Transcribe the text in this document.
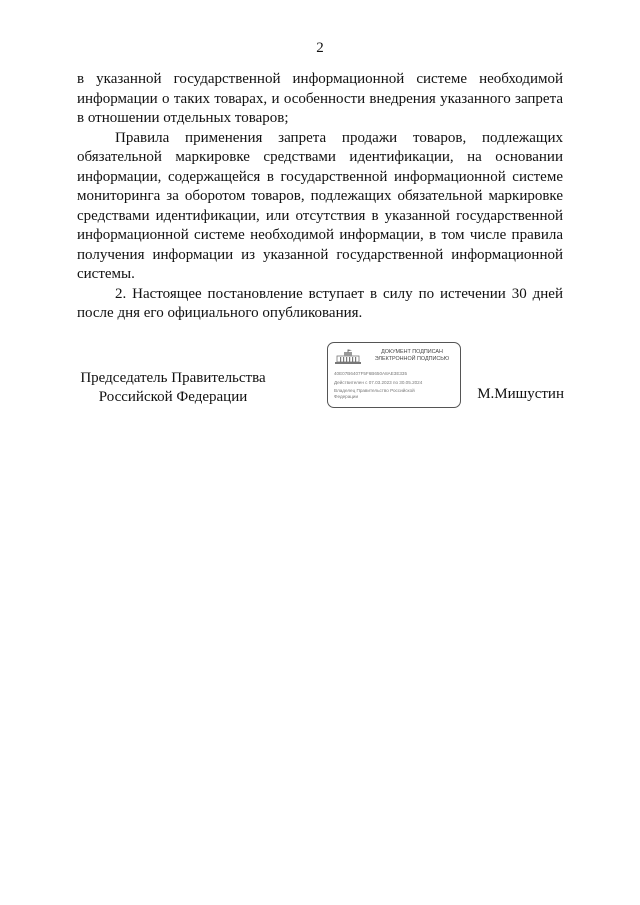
2

в указанной государственной информационной системе необходимой информации о таких товарах, и особенности внедрения указанного запрета в отношении отдельных товаров;

Правила применения запрета продажи товаров, подлежащих обязательной маркировке средствами идентификации, на основании информации, содержащейся в государственной информационной системе мониторинга за оборотом товаров, подлежащих обязательной маркировке средствами идентификации, или отсутствия в указанной государственной информационной системе необходимой информации, в том числе правила получения информации из указанной государственной информационной системы.

2. Настоящее постановление вступает в силу по истечении 30 дней после дня его официального опубликования.

Председатель Правительства
Российской Федерации
ДОКУМЕНТ ПОДПИСАН
ЭЛЕКТРОННОЙ ПОДПИСЬЮ
40E07B6407F5F6B650A8AE3E335
Действителен с 07.03.2023 по 30.05.2024
Владелец Правительство Российской
Федерации	М.Мишустин
